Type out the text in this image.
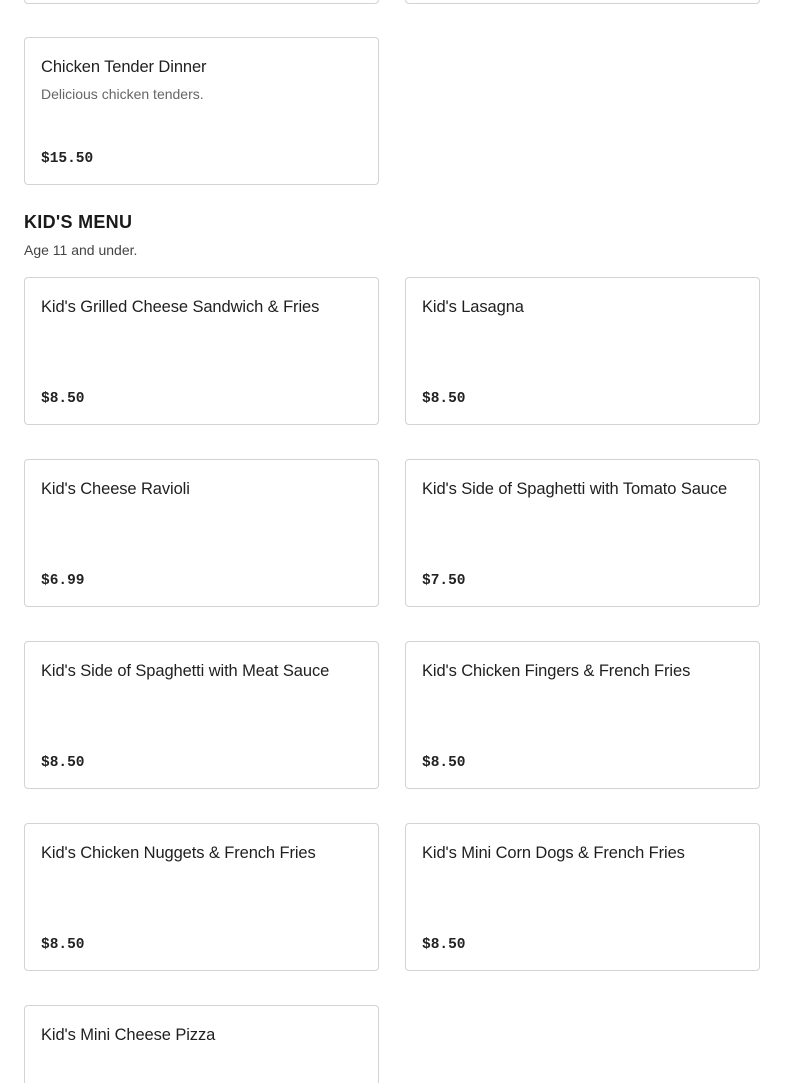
Chicken Tender Dinner
Delicious chicken tenders.
$15.50
KID'S MENU
Age 11 and under.
Kid's Grilled Cheese Sandwich & Fries
$8.50
Kid's Lasagna
$8.50
Kid's Cheese Ravioli
$6.99
Kid's Side of Spaghetti with Tomato Sauce
$7.50
Kid's Side of Spaghetti with Meat Sauce
$8.50
Kid's Chicken Fingers & French Fries
$8.50
Kid's Chicken Nuggets & French Fries
$8.50
Kid's Mini Corn Dogs & French Fries
$8.50
Kid's Mini Cheese Pizza
